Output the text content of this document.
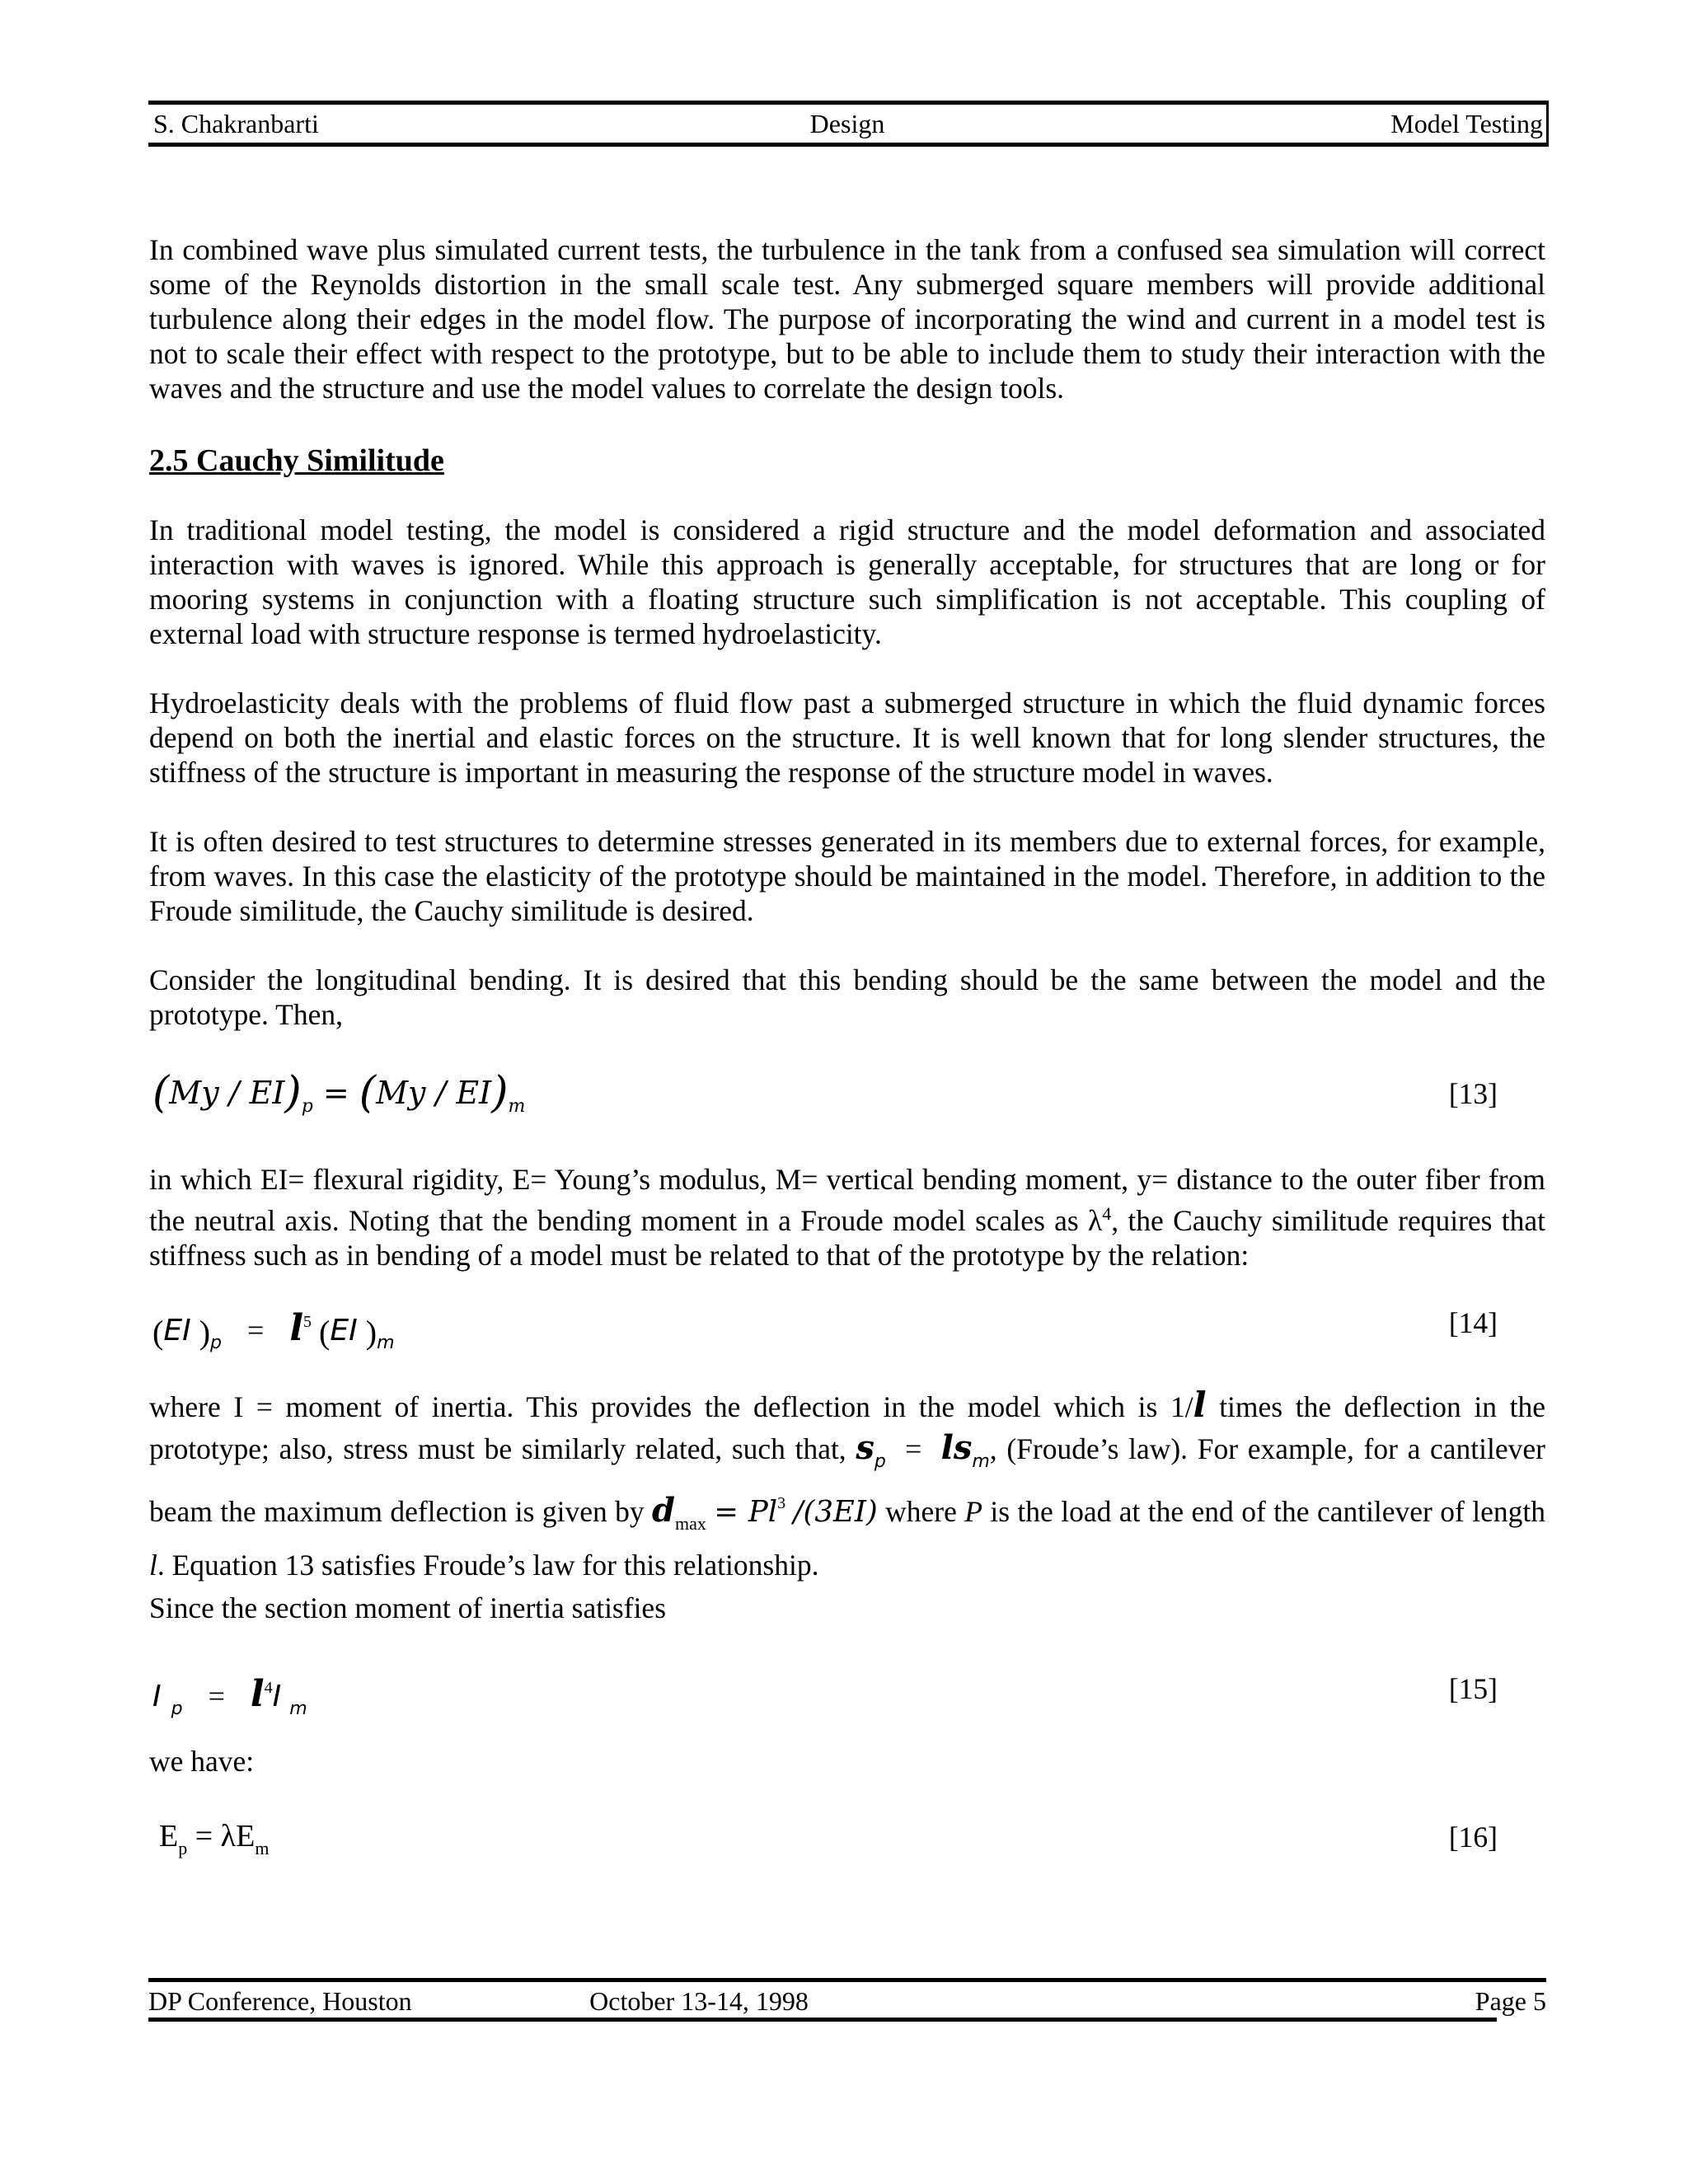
S. Chakranbarti	Design	Model Testing
In combined wave plus simulated current tests, the turbulence in the tank from a confused sea simulation will correct some of the Reynolds distortion in the small scale test. Any submerged square members will provide additional turbulence along their edges in the model flow. The purpose of incorporating the wind and current in a model test is not to scale their effect with respect to the prototype, but to be able to include them to study their interaction with the waves and the structure and use the model values to correlate the design tools.
2.5 Cauchy Similitude
In traditional model testing, the model is considered a rigid structure and the model deformation and associated interaction with waves is ignored. While this approach is generally acceptable, for structures that are long or for mooring systems in conjunction with a floating structure such simplification is not acceptable. This coupling of external load with structure response is termed hydroelasticity.
Hydroelasticity deals with the problems of fluid flow past a submerged structure in which the fluid dynamic forces depend on both the inertial and elastic forces on the structure. It is well known that for long slender structures, the stiffness of the structure is important in measuring the response of the structure model in waves.
It is often desired to test structures to determine stresses generated in its members due to external forces, for example, from waves. In this case the elasticity of the prototype should be maintained in the model. Therefore, in addition to the Froude similitude, the Cauchy similitude is desired.
Consider the longitudinal bending. It is desired that this bending should be the same between the model and the prototype. Then,
$(My / EI)_p = (My / EI)_m$	[13]
in which EI= flexural rigidity, E= Young’s modulus, M= vertical bending moment, y= distance to the outer fiber from the neutral axis. Noting that the bending moment in a Froude model scales as $\lambda^4$, the Cauchy similitude requires that stiffness such as in bending of a model must be related to that of the prototype by the relation:
(EI )$_p = l^5$ (EI )$_m$
[14]
where I = moment of inertia. This provides the deflection in the model which is 1/l times the deflection in the prototype; also, stress must be similarly related, such that, $s_p = ls_m$, (Froude’s law). For example, for a cantilever beam the maximum deflection is given by $d_{max} = Pl^3$ /(3EI) where P is the load at the end of the cantilever of length l. Equation 13 satisfies Froude’s law for this relationship.
Since the section moment of inertia satisfies
I $_p = l^4I$ $_m$
[15]
we have:
$E_p = \lambda E_m$	[16]
DP Conference, Houston	October 13-14, 1998	Page 5
